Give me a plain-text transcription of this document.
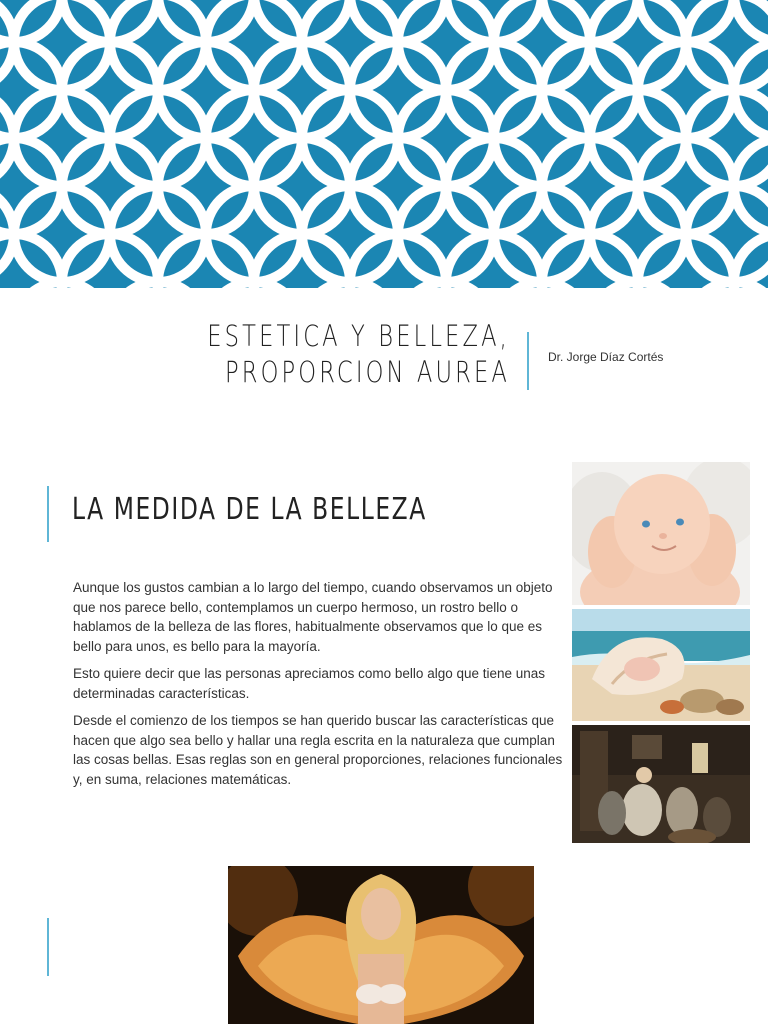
ESTETICA Y BELLEZA, PROPORCION AUREA	Dr. Jorge Díaz Cortés
LA MEDIDA DE LA BELLEZA

Aunque los gustos cambian a lo largo del tiempo, cuando observamos un objeto que nos parece bello, contemplamos un cuerpo hermoso, un rostro bello o hablamos de la belleza de las flores, habitualmente observamos que lo que es bello para unos, es bello para la mayoría.

Esto quiere decir que las personas apreciamos como bello algo que tiene unas determinadas características.

Desde el comienzo de los tiempos se han querido buscar las características que hacen que algo sea bello y hallar una regla escrita en la naturaleza que cumplan las cosas bellas. Esas reglas son en general proporciones, relaciones funcionales y, en suma, relaciones matemáticas.
